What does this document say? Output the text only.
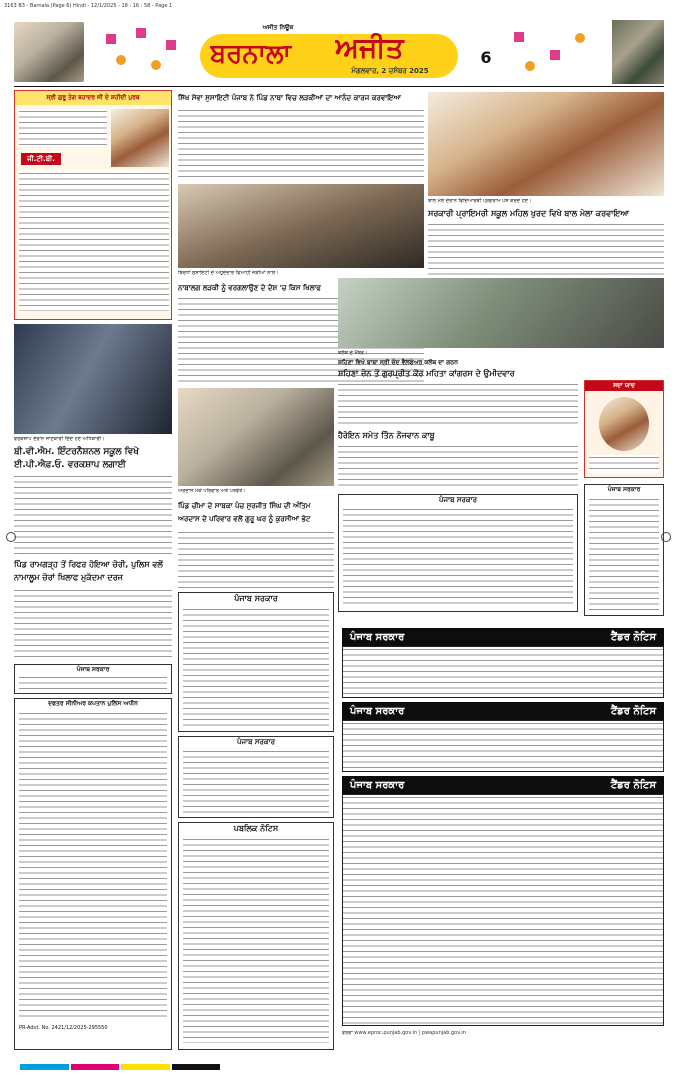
3163 B3 - Barnala (Page 6) Hindi - 12/1/2025 - 18 : 16 : 58 - Page 1
ਅਜੀਤ ਨਿਊਜ਼
ਬਰਨਾਲਾ	ਅਜੀਤ
ਮੰਗਲਵਾਰ, 2 ਦਸੰਬਰ 2025
6
ਸ੍ਰੀ ਗੁਰੂ ਤੇਗ ਬਹਾਦਰ ਜੀ ਦੇ ਸ਼ਹੀਦੀ ਪੁਰਬ
ਜੀ.ਟੀ.ਬੀ.
ਸਿੱਖ ਸੇਵਾ ਸੁਸਾਇਟੀ ਪੰਜਾਬ ਨੇ ਪਿੰਡ ਨਾਥਾ ਵਿਚ ਲੜਕੀਆਂ ਦਾ ਆਨੰਦ ਕਾਰਜ ਕਰਵਾਇਆ
ਬਿਰਧਾਂ ਸੁਸਾਇਟੀ ਦੇ ਅਹੁਦੇਦਾਰ ਵਿਆਹੀ ਜੋੜੀਆਂ ਨਾਲ।
ਬਾਲ ਮੇਲੇ ਦੌਰਾਨ ਵਿਦਿਆਰਥੀ ਪ੍ਰੋਗਰਾਮ ਪੇਸ਼ ਕਰਦੇ ਹੋਏ।
ਸਰਕਾਰੀ ਪ੍ਰਾਇਮਰੀ ਸਕੂਲ ਮਹਿਲ ਖੁਰਦ ਵਿਖੇ ਬਾਲ ਮੇਲਾ ਕਰਵਾਇਆ
ਵਰਕਸ਼ਾਪ ਦੌਰਾਨ ਜਾਣਕਾਰੀ ਦਿੰਦੇ ਹੋਏ ਅਧਿਕਾਰੀ।
ਬੀ.ਵੀ.ਐਮ. ਇੰਟਰਨੈਸ਼ਨਲ ਸਕੂਲ ਵਿਖੇ ਈ.ਪੀ.ਐਫ਼.ਓ. ਵਰਕਸ਼ਾਪ ਲਗਾਈ
ਨਾਬਾਲਗ ਲੜਕੀ ਨੂੰ ਵਰਗਲਾਉਣ ਦੇ ਦੋਸ਼ 'ਚ ਕਿਸ ਖਿਲਾਫ
ਕਲੱਬ ਦੇ ਮੈਂਬਰ।
ਸ਼ਹਿਣਾ ਵਿਖੇ ਬਾਬਾ ਸ੍ਰੀ ਚੰਦ ਵੈਲਫੇਅਰ ਕਲੱਬ ਦਾ ਗਠਨ
ਸ਼ਹਿਣਾ ਜ਼ੋਨ ਤੋਂ ਗੁਰਪ੍ਰੀਤ ਕੌਰ ਮਹਿਤਾ ਕਾਂਗਰਸ ਦੇ ਉਮੀਦਵਾਰ
ਸਦਾ ਯਾਦ
ਹੈਰੋਇਨ ਸਮੇਤ ਤਿੰਨ ਨੌਜਵਾਨ ਕਾਬੂ
ਅਰਦਾਸ ਮੌਕੇ ਪਰਿਵਾਰ ਅਤੇ ਪਤਵੰਤੇ।
ਪਿੰਡ ਚੀਮਾ ਦੇ ਸਾਬਕਾ ਪੰਚ ਸੁਰਜੀਤ ਸਿੰਘ ਦੀ ਅੰਤਿਮ ਅਰਦਾਸ ਦੇ ਪਰਿਵਾਰ ਵਲੋਂ ਗੁਰੂ ਘਰ ਨੂੰ ਕੁਰਸੀਆਂ ਭੇਟ
ਪਿੰਡ ਰਾਮਗੜ੍ਹ ਤੋਂ ਰਿਫਰ ਹੋਇਆ ਚੋਰੀ, ਪੁਲਿਸ ਵਲੋਂ ਨਾਮਾਲੂਮ ਚੋਰਾਂ ਖਿਲਾਫ ਮੁਕੱਦਮਾ ਦਰਜ
ਪੰਜਾਬ ਸਰਕਾਰ
ਪੰਜਾਬ ਸਰਕਾਰ
ਪੰਜਾਬ ਸਰਕਾਰ
ਦਫਤਰ ਸੀਨੀਅਰ ਕਪਤਾਨ ਪੁਲਿਸ ਅਧੀਨ
PR-Advt. No. 2421/12/2025-295550
ਪੰਜਾਬ ਸਰਕਾਰ
ਪੰਜਾਬ ਸਰਕਾਰ
ਪਬਲਿਕ ਨੋਟਿਸ
ਪੰਜਾਬ ਸਰਕਾਰ	ਟੈਂਡਰ ਨੋਟਿਸ
ਪੰਜਾਬ ਸਰਕਾਰ	ਟੈਂਡਰ ਨੋਟਿਸ
ਪੰਜਾਬ ਸਰਕਾਰ	ਟੈਂਡਰ ਨੋਟਿਸ
ਵੇਰਵਾ www.eproc.punjab.gov.in | pwapunjab.gov.in
